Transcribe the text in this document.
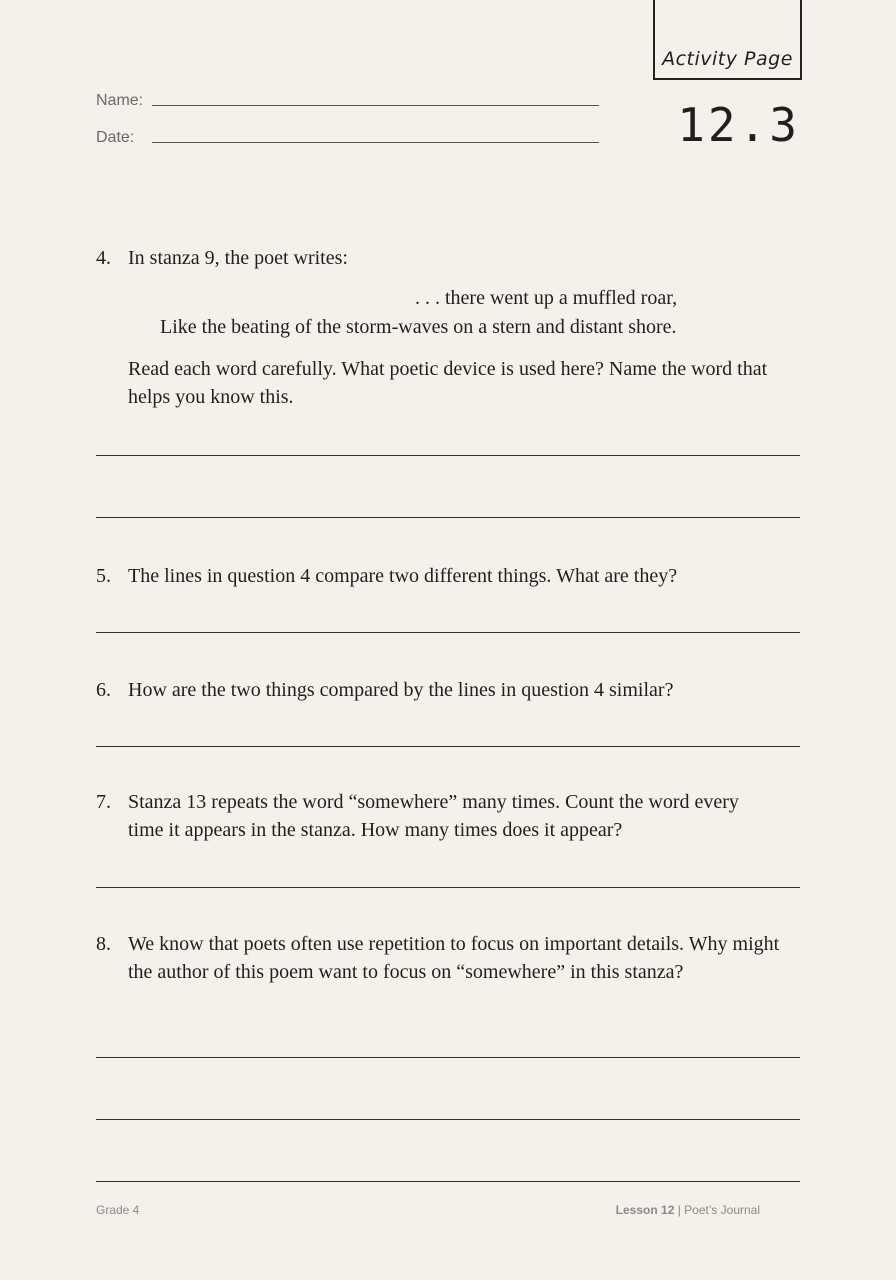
Activity Page
12.3
Name:
Date:
4. In stanza 9, the poet writes:
. . . there went up a muffled roar,
Like the beating of the storm-waves on a stern and distant shore.
Read each word carefully. What poetic device is used here? Name the word that helps you know this.
5. The lines in question 4 compare two different things. What are they?
6. How are the two things compared by the lines in question 4 similar?
7. Stanza 13 repeats the word “somewhere” many times. Count the word every time it appears in the stanza. How many times does it appear?
8. We know that poets often use repetition to focus on important details. Why might the author of this poem want to focus on “somewhere” in this stanza?
Grade 4	Lesson 12 | Poet’s Journal
